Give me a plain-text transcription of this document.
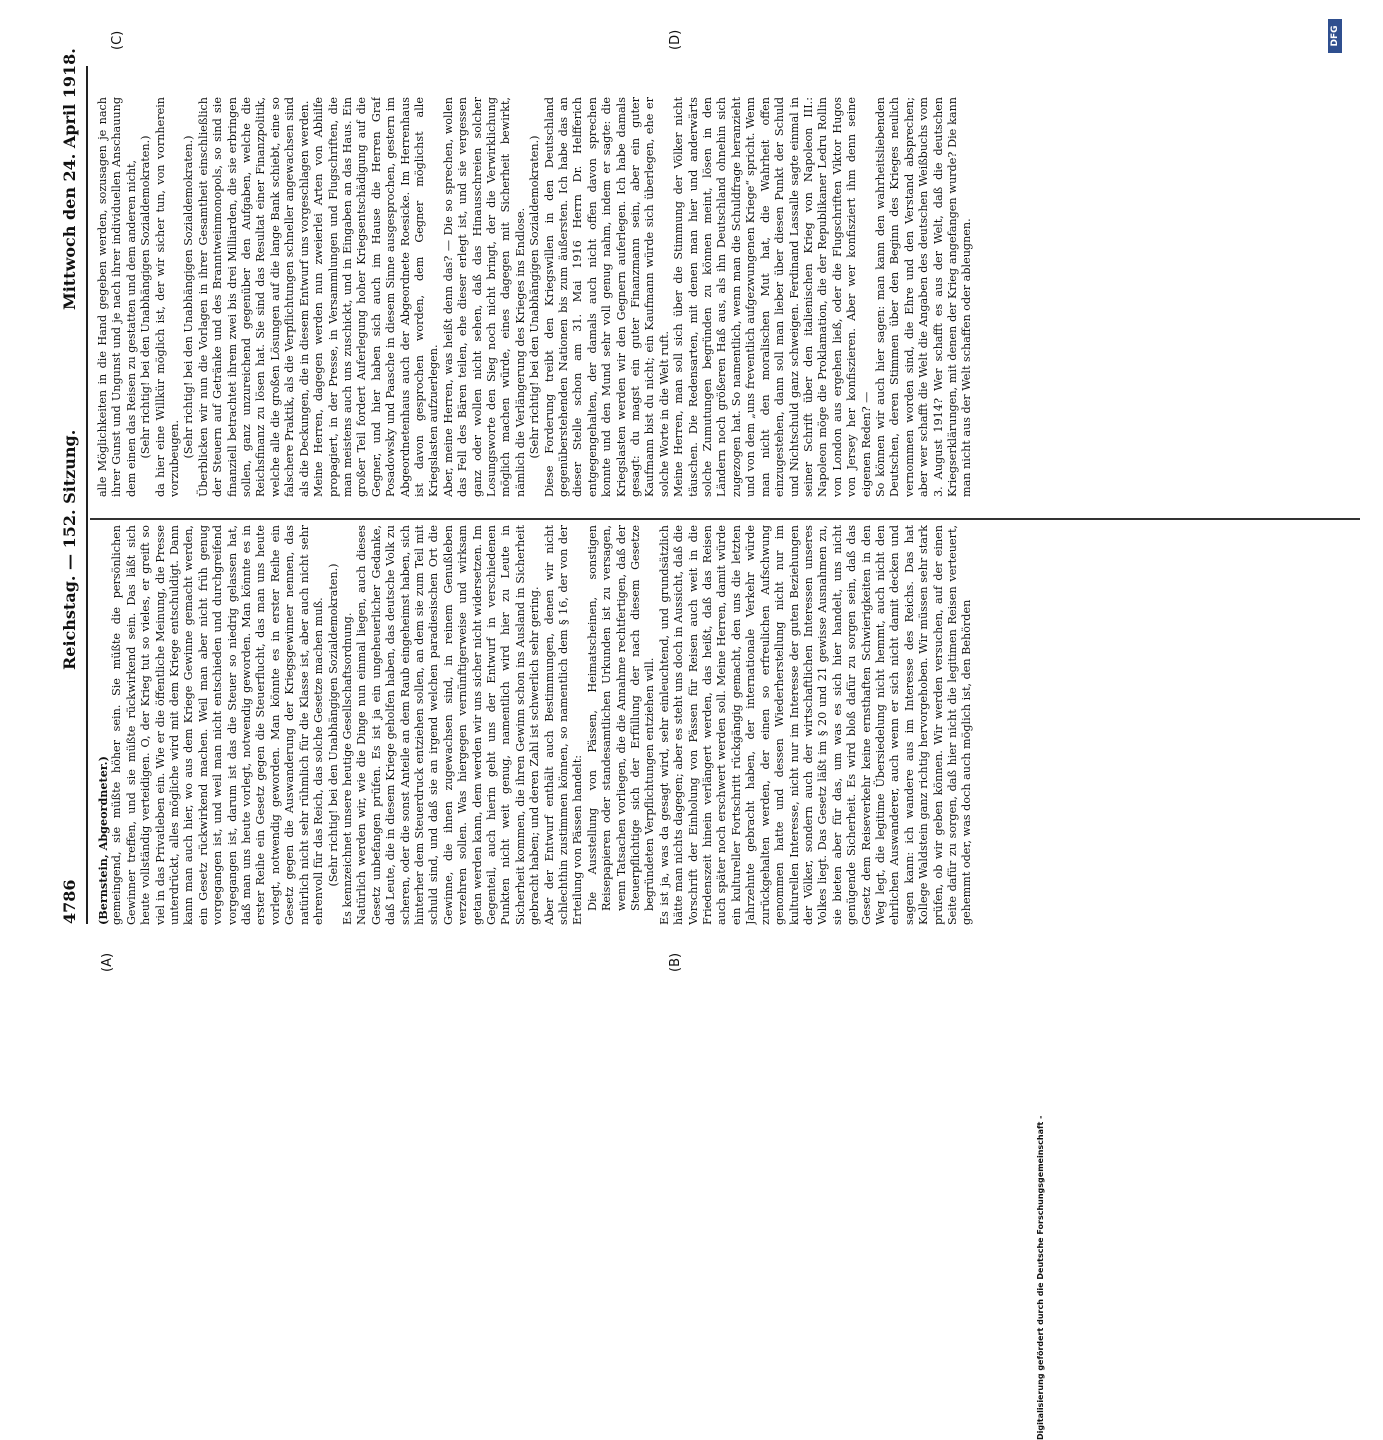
4786
Reichstag. — 152. Sitzung.
Mittwoch den 24. April 1918.
(A)	(B)
(C)	(D)

(Bernstein, Abgeordneter.) gemeingend, sie müßte höher sein. Sie müßte die persönlichen Gewinner treffen, und sie müßte rückwirkend sein. Das läßt sich heute vollständig verteidigen. O, der Krieg tut so vieles, er greift so viel in das Privatleben ein. Wie er die öffentliche Meinung, die Presse unterdrückt, alles mögliche wird mit dem Kriege entschuldigt. Dann kann man auch hier, wo aus dem Kriege Gewinne gemacht werden, ein Gesetz rückwirkend machen. Weil man aber nicht früh genug vorgegangen ist, und weil man nicht entschieden und durchgreifend vorgegangen ist, darum ist das die Steuer so niedrig gelassen hat, daß man uns heute vorlegt, notwendig geworden. Man könnte es in erster Reihe ein Gesetz gegen die Steuerflucht, das man uns heute vorlegt, notwendig geworden. Man könnte es in erster Reihe ein Gesetz gegen die Auswanderung der Kriegsgewinner nennen, das natürlich nicht sehr rühmlich für die Klasse ist, aber auch nicht sehr ehrenvoll für das Reich, das solche Gesetze machen muß. (Sehr richtig! bei den Unabhängigen Sozialdemokraten.) Es kennzeichnet unsere heutige Gesellschaftsordnung. Natürlich werden wir, wie die Dinge nun einmal liegen, auch dieses Gesetz unbefangen prüfen. Es ist ja ein ungeheuerlicher Gedanke, daß Leute, die in diesem Kriege geholfen haben, das deutsche Volk zu scheren, oder die sonst Anteile an dem Raub eingeheimst haben, sich hinterher dem Steuerdruck entziehen sollen, an dem sie zum Teil mit schuld sind, und daß sie an irgend welchen paradiesischen Ort die Gewinne, die ihnen zugewachsen sind, in reinem Genußleben verzehren sollen. Was hiergegen vernünftigerweise und wirksam getan werden kann, dem werden wir uns sicher nicht widersetzen. Im Gegenteil, auch hierin geht uns der Entwurf in verschiedenen Punkten nicht weit genug, namentlich wird hier zu Leute in Sicherheit kommen, die ihren Gewinn schon ins Ausland in Sicherheit gebracht haben; und deren Zahl ist schwerlich sehr gering. Aber der Entwurf enthält auch Bestimmungen, denen wir nicht schlechthin zustimmen können, so namentlich dem § 16, der von der Erteilung von Pässen handelt: Die Ausstellung von Pässen, Heimatscheinen, sonstigen Reisepapieren oder standesamtlichen Urkunden ist zu versagen, wenn Tatsachen vorliegen, die die Annahme rechtfertigen, daß der Steuerpflichtige sich der Erfüllung der nach diesem Gesetze begründeten Verpflichtungen entziehen will. Es ist ja, was da gesagt wird, sehr einleuchtend, und grundsätzlich hätte man nichts dagegen; aber es steht uns doch in Aussicht, daß die Vorschrift der Einholung von Pässen für Reisen auch weit in die Friedenszeit hinein verlängert werden, das heißt, daß das Reisen auch später noch erschwert werden soll. Meine Herren, damit würde ein kultureller Fortschritt rückgängig gemacht, den uns die letzten Jahrzehnte gebracht haben, der internationale Verkehr würde zurückgehalten werden, der einen so erfreulichen Aufschwung genommen hatte und dessen Wiederherstellung nicht nur im kulturellen Interesse, nicht nur im Interesse der guten Beziehungen der Völker, sondern auch der wirtschaftlichen Interessen unseres Volkes liegt. Das Gesetz läßt im § 20 und 21 gewisse Ausnahmen zu, sie bieten aber für das, um was es sich hier handelt, uns nicht genügende Sicherheit. Es wird bloß dafür zu sorgen sein, daß das Gesetz dem Reiseverkehr keine ernsthaften Schwierigkeiten in den Weg legt, die legitime Übersiedelung nicht hemmt, auch nicht den ehrlichen Auswanderer, auch wenn er sich nicht damit decken und sagen kann: ich wandere aus im Interesse des Reichs. Das hat Kollege Waldstein ganz richtig hervorgehoben. Wir müssen sehr stark prüfen, ob wir geben können. Wir werden versuchen, auf der einen Seite dafür zu sorgen, daß hier nicht die legitimen Reisen verteuert, gehemmt oder, was doch auch möglich ist, den Behörden

alle Möglichkeiten in die Hand gegeben werden, sozusagen je nach ihrer Gunst und Ungunst und je nach ihrer individuellen Anschauung dem einen das Reisen zu gestatten und dem anderen nicht, (Sehr richtig! bei den Unabhängigen Sozialdemokraten.) da hier eine Willkür möglich ist, der wir sicher tun, von vornherein vorzubeugen. (Sehr richtig! bei den Unabhängigen Sozialdemokraten.) Überblicken wir nun die Vorlagen in ihrer Gesamtheit einschließlich der Steuern auf Getränke und des Branntweinmonopols, so sind sie finanziell betrachtet ihrem zwei bis drei Milliarden, die sie erbringen sollen, ganz unzureichend gegenüber den Aufgaben, welche die Reichsfinanz zu lösen hat. Sie sind das Resultat einer Finanzpolitik, welche alle die großen Lösungen auf die lange Bank schiebt, eine so falschere Praktik, als die Verpflichtungen schneller angewachsen sind als die Deckungen, die in diesem Entwurf uns vorgeschlagen werden. Meine Herren, dagegen werden nun zweierlei Arten von Abhilfe propagiert, in der Presse, in Versammlungen und Flugschriften, die man meistens auch uns zuschickt, und in Eingaben an das Haus. Ein großer Teil fordert Auferlegung hoher Kriegsentschädigung auf die Gegner, und hier haben sich auch im Hause die Herren Graf Posadowsky und Paasche in diesem Sinne ausgesprochen, gestern im Abgeordnetenhaus auch der Abgeordnete Roesicke. Im Herrenhaus ist davon gesprochen worden, dem Gegner möglichst alle Kriegslasten aufzuerlegen. Aber, meine Herren, was heißt denn das? — Die so sprechen, wollen das Fell des Bären teilen, ehe dieser erlegt ist, und sie vergessen ganz oder wollen nicht sehen, daß das Hinausschreien solcher Losungsworte den Sieg noch nicht bringt, der die Verwirklichung möglich machen würde, eines dagegen mit Sicherheit bewirkt, nämlich die Verlängerung des Krieges ins Endlose. (Sehr richtig! bei den Unabhängigen Sozialdemokraten.) Diese Forderung treibt den Kriegswillen in den Deutschland gegenüberstehenden Nationen bis zum äußersten. Ich habe das an dieser Stelle schon am 31. Mai 1916 Herrn Dr. Helfferich entgegengehalten, der damals auch nicht offen davon sprechen konnte und den Mund sehr voll genug nahm, indem er sagte: die Kriegslasten werden wir den Gegnern auferlegen. Ich habe damals gesagt: du magst ein guter Finanzmann sein, aber ein guter Kaufmann bist du nicht; ein Kaufmann würde sich überlegen, ehe er solche Worte in die Welt ruft. Meine Herren, man soll sich über die Stimmung der Völker nicht täuschen. Die Redensarten, mit denen man hier und anderwärts solche Zumutungen begründen zu können meint, lösen in den Ländern noch größeren Haß aus, als ihn Deutschland ohnehin sich zugezogen hat. So namentlich, wenn man die Schuldfrage heranzieht und von dem „uns freventlich aufgezwungenen Kriege“ spricht. Wenn man nicht den moralischen Mut hat, die Wahrheit offen einzugestehen, dann soll man lieber über diesen Punkt der Schuld und Nichtschuld ganz schweigen. Ferdinand Lassalle sagte einmal in seiner Schrift über den italienischen Krieg von Napoleon III.: Napoleon möge die Proklamation, die der Republikaner Ledru Rollin von London aus ergehen ließ, oder die Flugschriften Viktor Hugos von Jersey her konfiszieren. Aber wer konfisziert ihm denn seine eigenen Reden? — So können wir auch hier sagen: man kann den wahrheitsliebenden Deutschen, deren Stimmen über den Beginn des Krieges neulich vernommen worden sind, die Ehre und den Verstand absprechen; aber wer schafft die Welt die Angaben des deutschen Weißbuchs vom 3. August 1914? Wer schafft es aus der Welt, daß die deutschen Kriegserklärungen, mit denen der Krieg angefangen wurde? Die kann man nicht aus der Welt schaffen oder ableugnen.

Digitalisierung gefördert durch die Deutsche Forschungsgemeinschaft -
DFG
